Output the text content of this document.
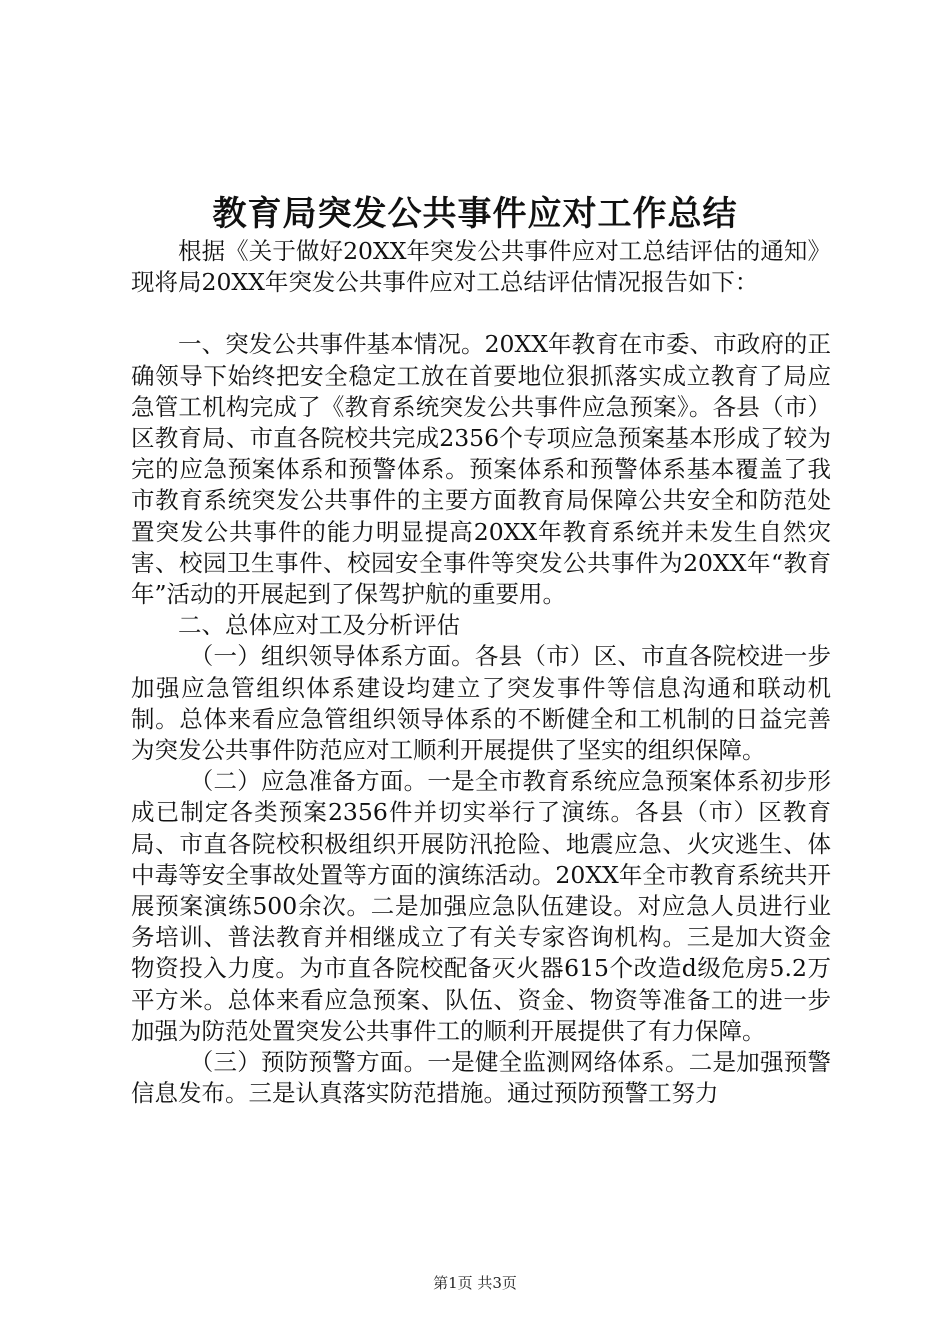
教育局突发公共事件应对工作总结

根据《关于做好20XX年突发公共事件应对工总结评估的通知》现将局20XX年突发公共事件应对工总结评估情况报告如下：

一、突发公共事件基本情况。20XX年教育在市委、市政府的正确领导下始终把安全稳定工放在首要地位狠抓落实成立教育了局应急管工机构完成了《教育系统突发公共事件应急预案》。各县（市）区教育局、市直各院校共完成2356个专项应急预案基本形成了较为完的应急预案体系和预警体系。预案体系和预警体系基本覆盖了我市教育系统突发公共事件的主要方面教育局保障公共安全和防范处置突发公共事件的能力明显提高20XX年教育系统并未发生自然灾害、校园卫生事件、校园安全事件等突发公共事件为20XX年“教育年”活动的开展起到了保驾护航的重要用。

二、总体应对工及分析评估

（一）组织领导体系方面。各县（市）区、市直各院校进一步加强应急管组织体系建设均建立了突发事件等信息沟通和联动机制。总体来看应急管组织领导体系的不断健全和工机制的日益完善为突发公共事件防范应对工顺利开展提供了坚实的组织保障。

（二）应急准备方面。一是全市教育系统应急预案体系初步形成已制定各类预案2356件并切实举行了演练。各县（市）区教育局、市直各院校积极组织开展防汛抢险、地震应急、火灾逃生、体中毒等安全事故处置等方面的演练活动。20XX年全市教育系统共开展预案演练500余次。二是加强应急队伍建设。对应急人员进行业务培训、普法教育并相继成立了有关专家咨询机构。三是加大资金物资投入力度。为市直各院校配备灭火器615个改造d级危房5.2万平方米。总体来看应急预案、队伍、资金、物资等准备工的进一步加强为防范处置突发公共事件工的顺利开展提供了有力保障。

（三）预防预警方面。一是健全监测网络体系。二是加强预警信息发布。三是认真落实防范措施。通过预防预警工努力

第1页 共3页
